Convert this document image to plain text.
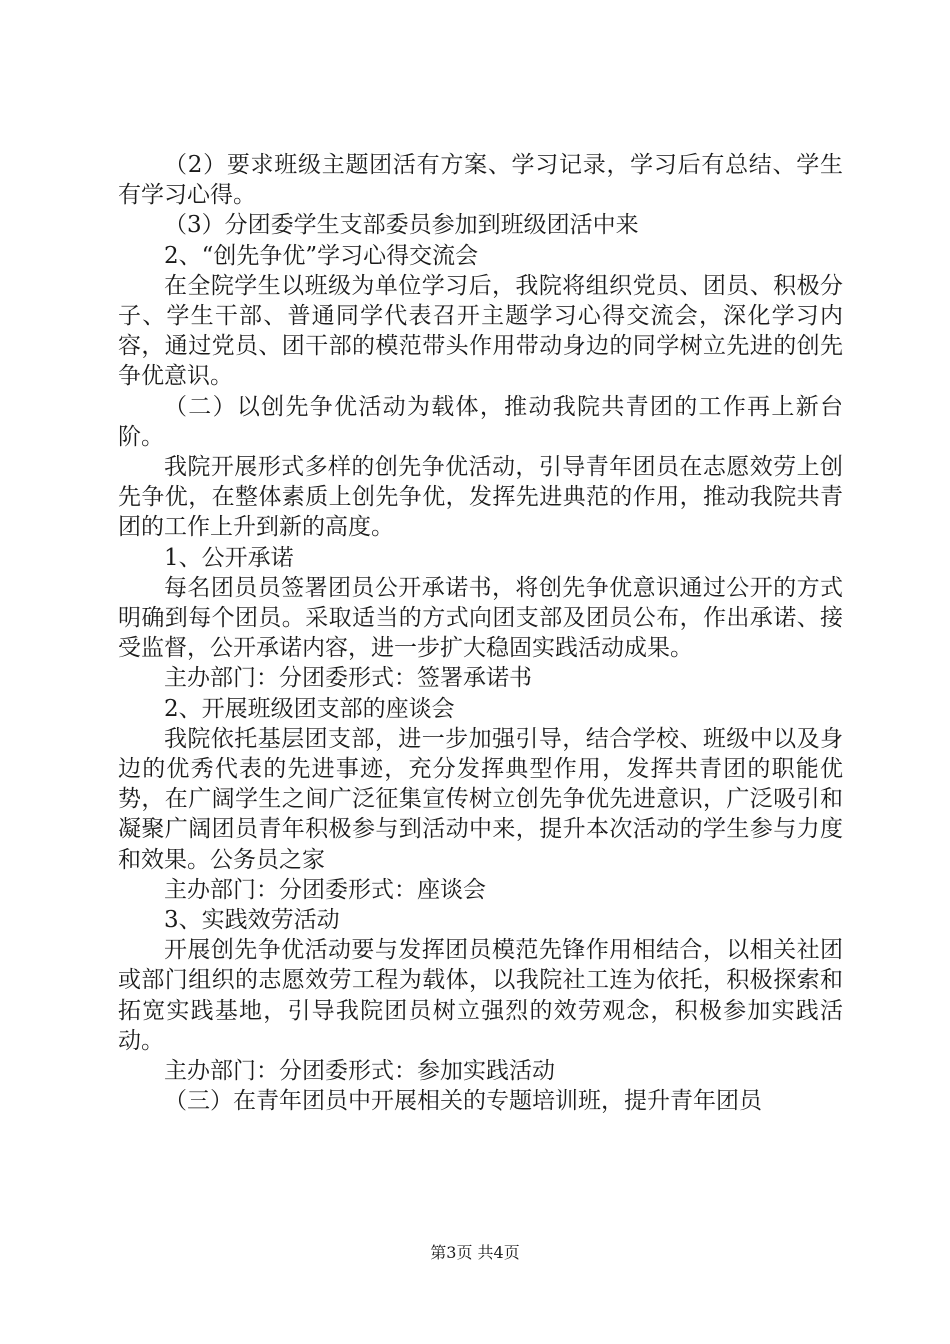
（2）要求班级主题团活有方案、学习记录，学习后有总结、学生有学习心得。

（3）分团委学生支部委员参加到班级团活中来

2、“创先争优”学习心得交流会

在全院学生以班级为单位学习后，我院将组织党员、团员、积极分子、学生干部、普通同学代表召开主题学习心得交流会，深化学习内容，通过党员、团干部的模范带头作用带动身边的同学树立先进的创先争优意识。

（二）以创先争优活动为载体，推动我院共青团的工作再上新台阶。

我院开展形式多样的创先争优活动，引导青年团员在志愿效劳上创先争优，在整体素质上创先争优，发挥先进典范的作用，推动我院共青团的工作上升到新的高度。

1、公开承诺

每名团员员签署团员公开承诺书，将创先争优意识通过公开的方式明确到每个团员。采取适当的方式向团支部及团员公布，作出承诺、接受监督，公开承诺内容，进一步扩大稳固实践活动成果。

主办部门：分团委形式：签署承诺书

2、开展班级团支部的座谈会

我院依托基层团支部，进一步加强引导，结合学校、班级中以及身边的优秀代表的先进事迹，充分发挥典型作用，发挥共青团的职能优势，在广阔学生之间广泛征集宣传树立创先争优先进意识，广泛吸引和凝聚广阔团员青年积极参与到活动中来，提升本次活动的学生参与力度和效果。公务员之家

主办部门：分团委形式：座谈会

3、实践效劳活动

开展创先争优活动要与发挥团员模范先锋作用相结合，以相关社团或部门组织的志愿效劳工程为载体，以我院社工连为依托，积极探索和拓宽实践基地，引导我院团员树立强烈的效劳观念，积极参加实践活动。

主办部门：分团委形式：参加实践活动

（三）在青年团员中开展相关的专题培训班，提升青年团员

第3页 共4页
